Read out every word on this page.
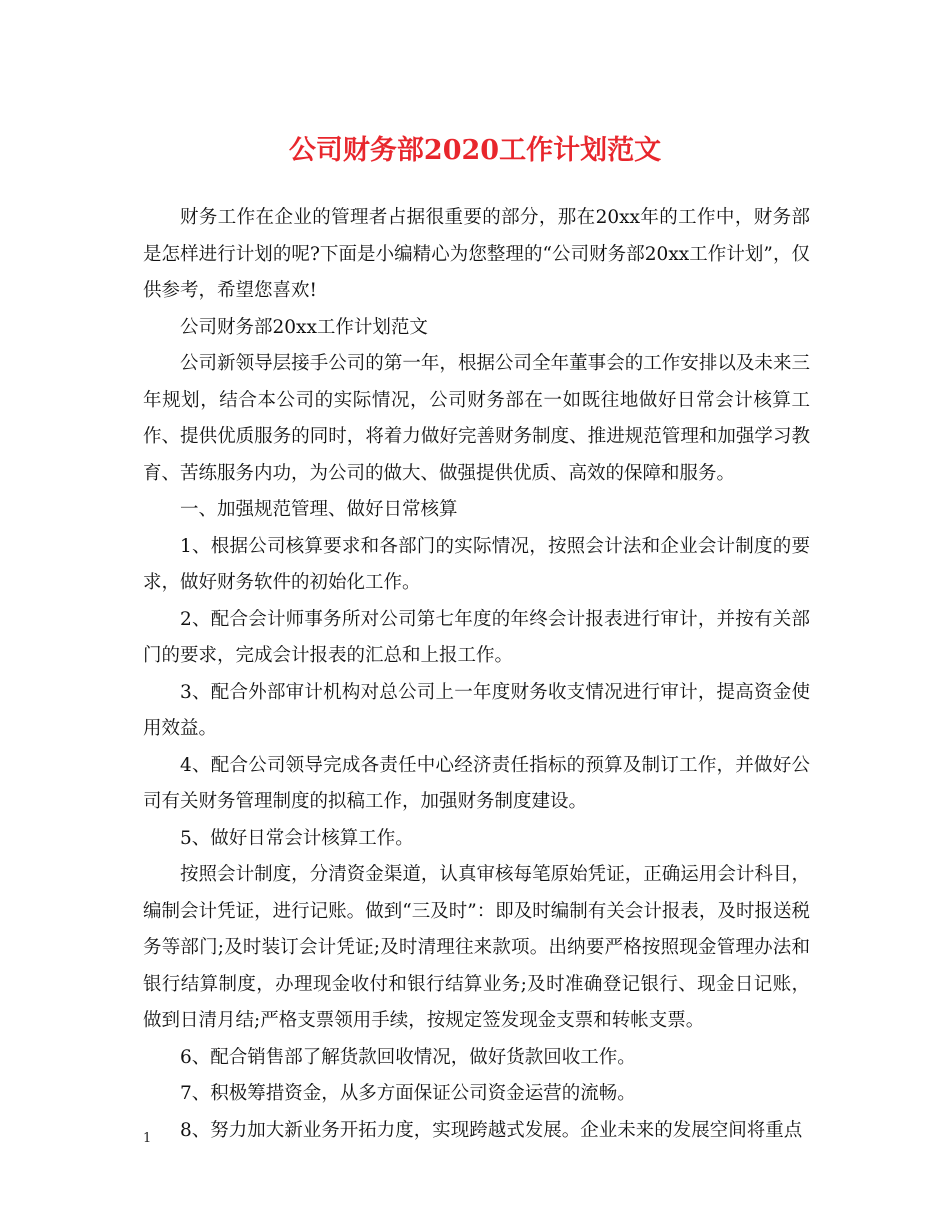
公司财务部2020工作计划范文

财务工作在企业的管理者占据很重要的部分，那在20xx年的工作中，财务部是怎样进行计划的呢?下面是小编精心为您整理的“公司财务部20xx工作计划”，仅供参考，希望您喜欢!

公司财务部20xx工作计划范文

公司新领导层接手公司的第一年，根据公司全年董事会的工作安排以及未来三年规划，结合本公司的实际情况，公司财务部在一如既往地做好日常会计核算工作、提供优质服务的同时，将着力做好完善财务制度、推进规范管理和加强学习教育、苦练服务内功，为公司的做大、做强提供优质、高效的保障和服务。

一、加强规范管理、做好日常核算

1、根据公司核算要求和各部门的实际情况，按照会计法和企业会计制度的要求，做好财务软件的初始化工作。

2、配合会计师事务所对公司第七年度的年终会计报表进行审计，并按有关部门的要求，完成会计报表的汇总和上报工作。

3、配合外部审计机构对总公司上一年度财务收支情况进行审计，提高资金使用效益。

4、配合公司领导完成各责任中心经济责任指标的预算及制订工作，并做好公司有关财务管理制度的拟稿工作，加强财务制度建设。

5、做好日常会计核算工作。

按照会计制度，分清资金渠道，认真审核每笔原始凭证，正确运用会计科目，编制会计凭证，进行记账。做到“三及时”：即及时编制有关会计报表，及时报送税务等部门;及时装订会计凭证;及时清理往来款项。出纳要严格按照现金管理办法和银行结算制度，办理现金收付和银行结算业务;及时准确登记银行、现金日记账，做到日清月结;严格支票领用手续，按规定签发现金支票和转帐支票。

6、配合销售部了解货款回收情况，做好货款回收工作。

7、积极筹措资金，从多方面保证公司资金运营的流畅。

8、努力加大新业务开拓力度，实现跨越式发展。企业未来的发展空间将重点

1
